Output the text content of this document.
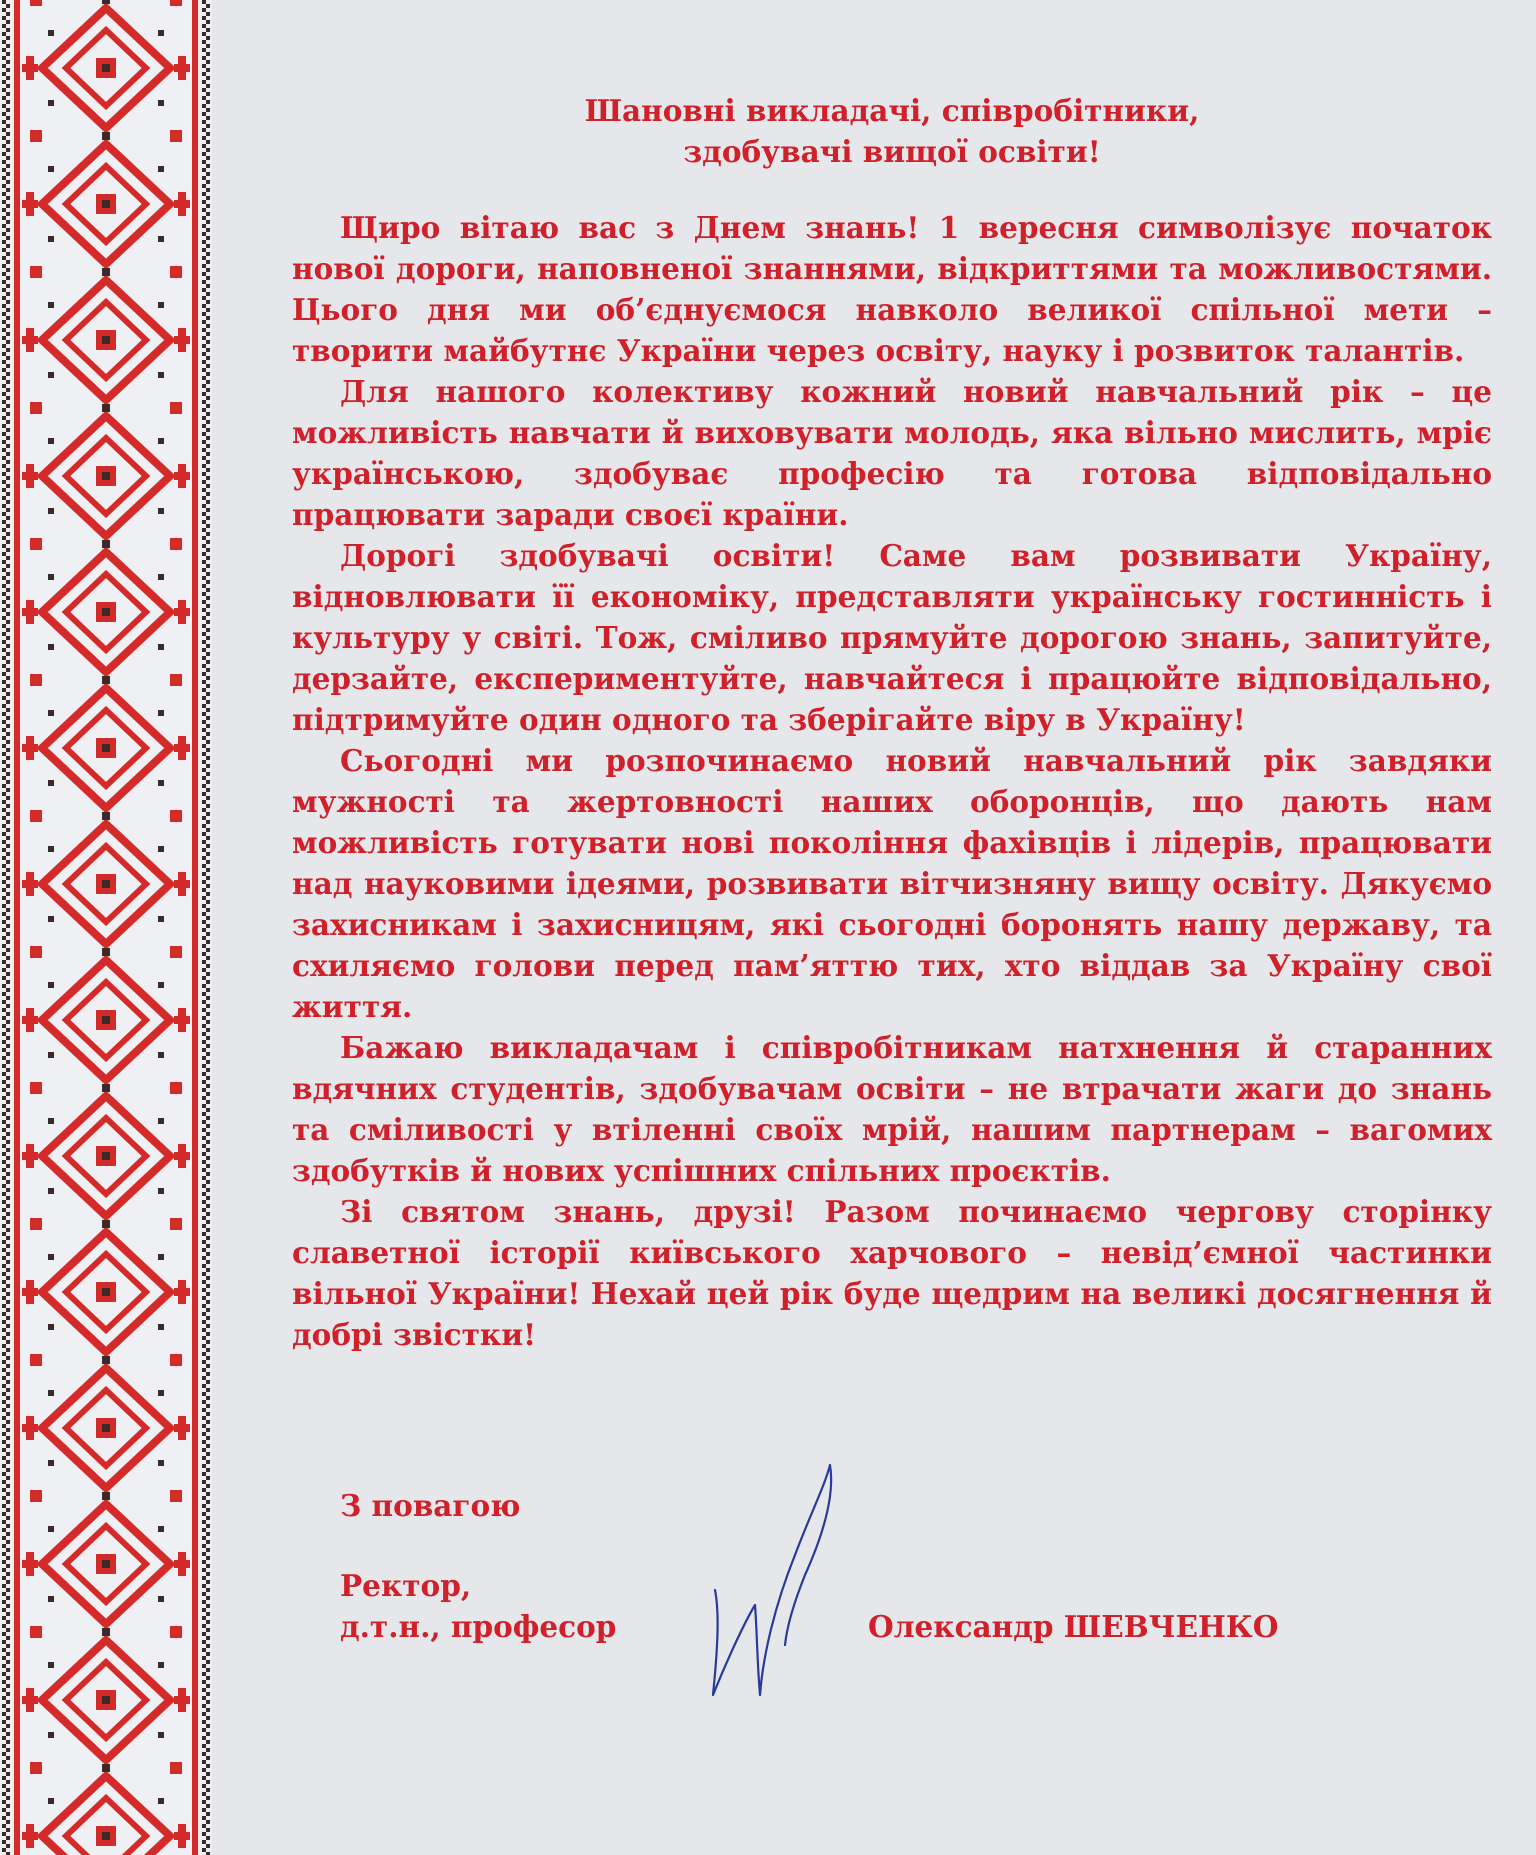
Шановні викладачі, співробітники,
здобувачі вищої освіти!

Щиро вітаю вас з Днем знань! 1 вересня символізує початок нової дороги, наповненої знаннями, відкриттями та можливостями. Цього дня ми об’єднуємося навколо великої спільної мети – творити майбутнє України через освіту, науку і розвиток талантів.

Для нашого колективу кожний новий навчальний рік – це можливість навчати й виховувати молодь, яка вільно мислить, мріє українською, здобуває професію та готова відповідально працювати заради своєї країни.

Дорогі здобувачі освіти! Саме вам розвивати Україну, відновлювати її економіку, представляти українську гостинність і культуру у світі. Тож, сміливо прямуйте дорогою знань, запитуйте, дерзайте, експериментуйте, навчайтеся і працюйте відповідально, підтримуйте один одного та зберігайте віру в Україну!

Сьогодні ми розпочинаємо новий навчальний рік завдяки мужності та жертовності наших оборонців, що дають нам можливість готувати нові покоління фахівців і лідерів, працювати над науковими ідеями, розвивати вітчизняну вищу освіту. Дякуємо захисникам і захисницям, які сьогодні боронять нашу державу, та схиляємо голови перед пам’яттю тих, хто віддав за Україну свої життя.

Бажаю викладачам і співробітникам натхнення й старанних вдячних студентів, здобувачам освіти – не втрачати жаги до знань та сміливості у втіленні своїх мрій, нашим партнерам – вагомих здобутків й нових успішних спільних проєктів.

Зі святом знань, друзі! Разом починаємо чергову сторінку славетної історії київського харчового – невід’ємної частинки вільної України! Нехай цей рік буде щедрим на великі досягнення й добрі звістки!

З повагою
Ректор,
д.т.н., професор	Олександр ШЕВЧЕНКО
